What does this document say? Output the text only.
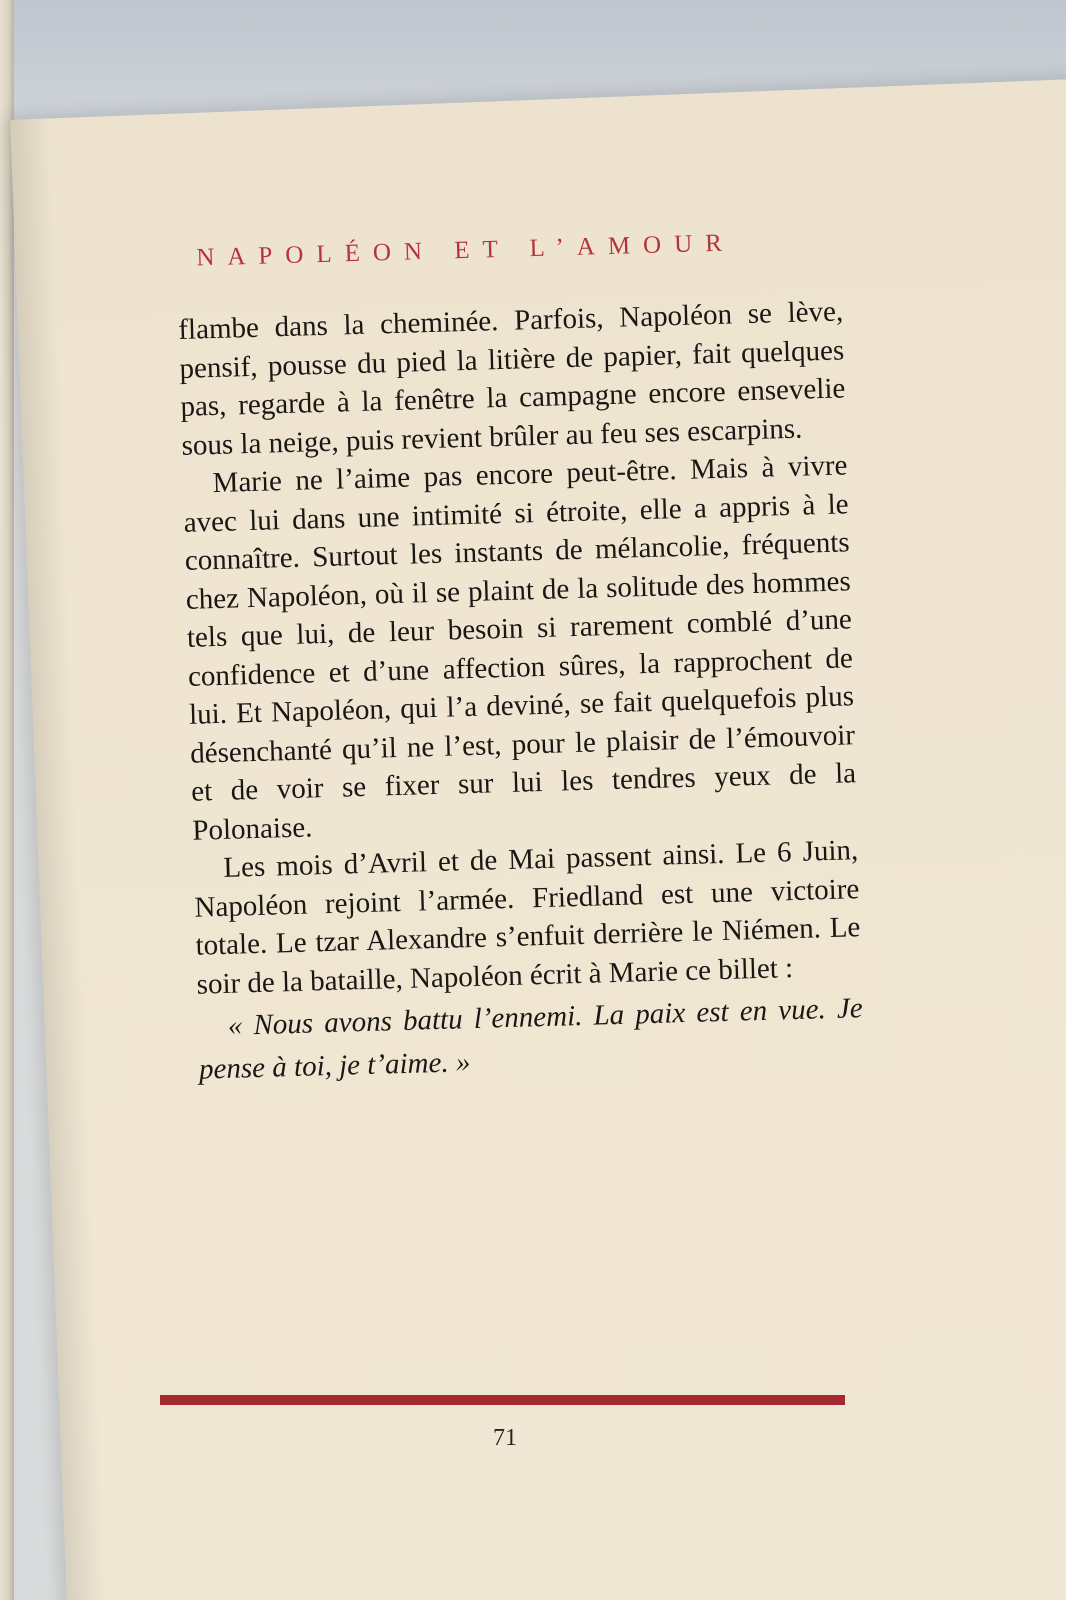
NAPOLÉON ET L’AMOUR

flambe dans la cheminée. Parfois, Napoléon se lève, pensif, pousse du pied la litière de papier, fait quelques pas, regarde à la fenêtre la campagne encore ensevelie sous la neige, puis revient brûler au feu ses escarpins.

Marie ne l’aime pas encore peut-être. Mais à vivre avec lui dans une intimité si étroite, elle a appris à le connaître. Surtout les instants de mélancolie, fréquents chez Napoléon, où il se plaint de la solitude des hommes tels que lui, de leur besoin si rarement comblé d’une confidence et d’une affection sûres, la rapprochent de lui. Et Napoléon, qui l’a deviné, se fait quelquefois plus désenchanté qu’il ne l’est, pour le plaisir de l’émouvoir et de voir se fixer sur lui les tendres yeux de la Polonaise.

Les mois d’Avril et de Mai passent ainsi. Le 6 Juin, Napoléon rejoint l’armée. Friedland est une victoire totale. Le tzar Alexandre s’enfuit derrière le Niémen. Le soir de la bataille, Napoléon écrit à Marie ce billet :

« Nous avons battu l’ennemi. La paix est en vue. Je pense à toi, je t’aime. »

71
